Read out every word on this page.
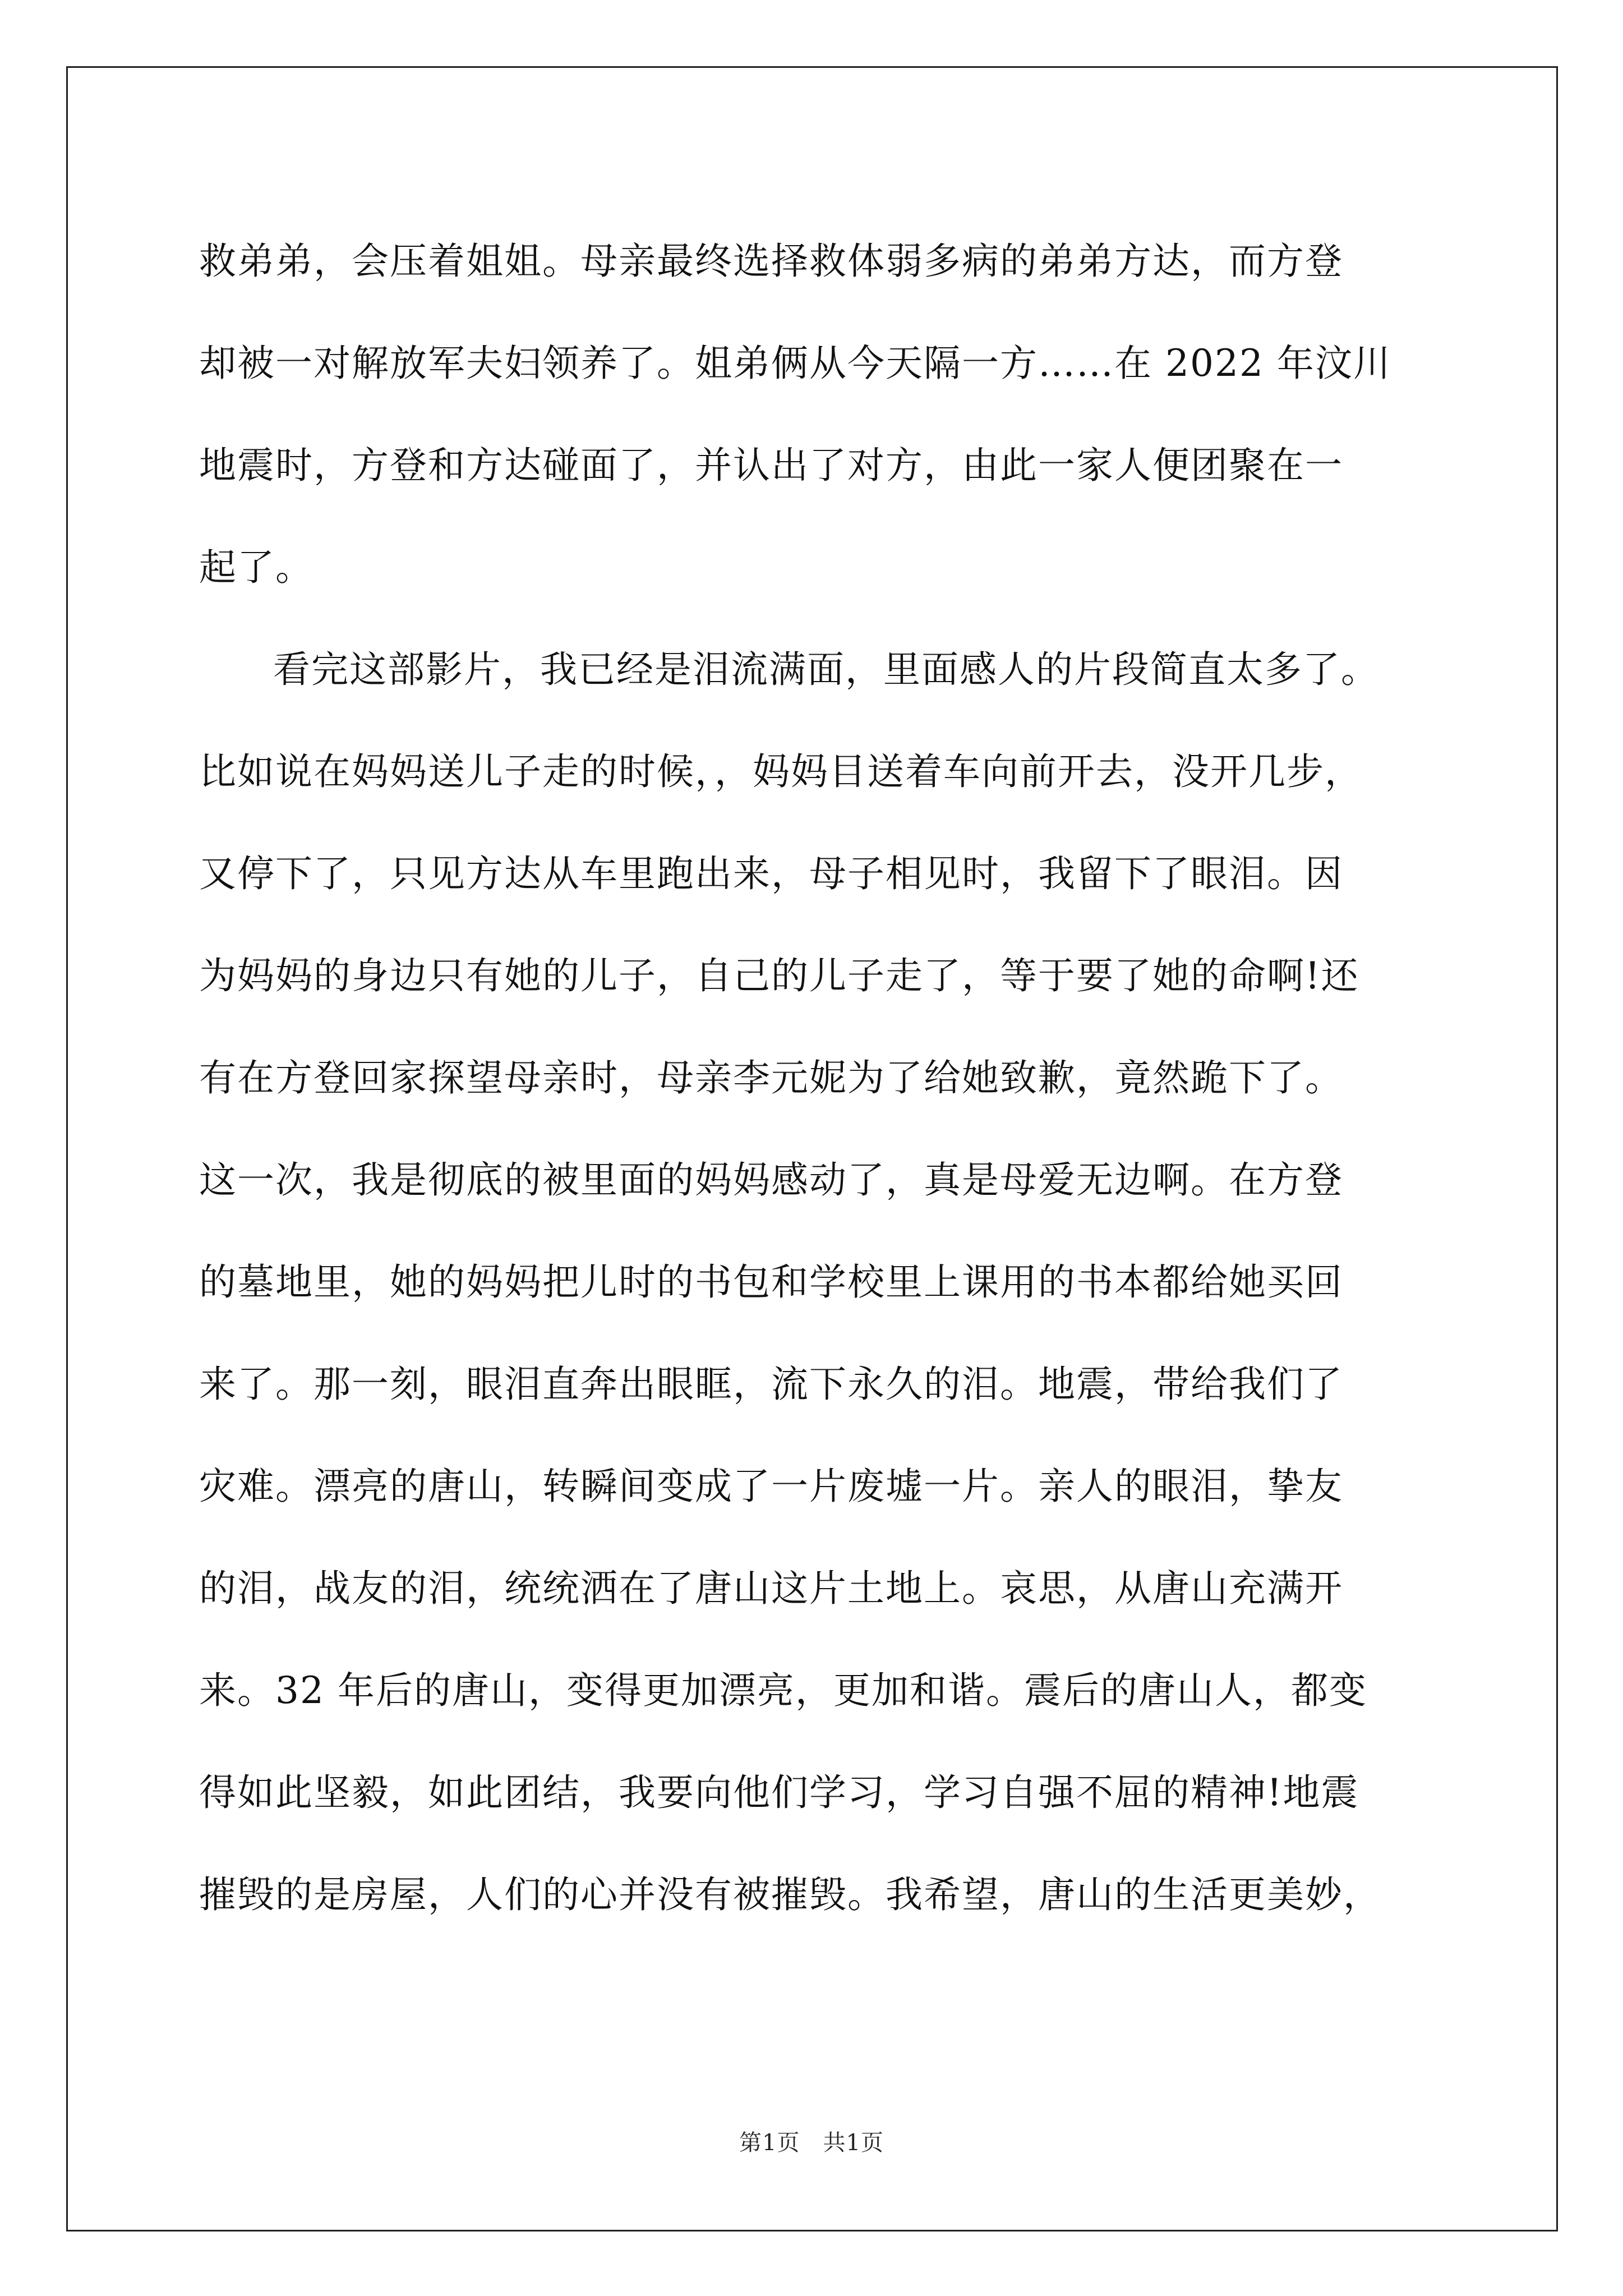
救弟弟，会压着姐姐。母亲最终选择救体弱多病的弟弟方达，而方登
却被一对解放军夫妇领养了。姐弟俩从今天隔一方……在 2022 年汶川
地震时，方登和方达碰面了，并认出了对方，由此一家人便团聚在一
起了。
看完这部影片，我已经是泪流满面，里面感人的片段简直太多了。
比如说在妈妈送儿子走的时候，，妈妈目送着车向前开去，没开几步，
又停下了，只见方达从车里跑出来，母子相见时，我留下了眼泪。因
为妈妈的身边只有她的儿子，自己的儿子走了，等于要了她的命啊!还
有在方登回家探望母亲时，母亲李元妮为了给她致歉，竟然跪下了。
这一次，我是彻底的被里面的妈妈感动了，真是母爱无边啊。在方登
的墓地里，她的妈妈把儿时的书包和学校里上课用的书本都给她买回
来了。那一刻，眼泪直奔出眼眶，流下永久的泪。地震，带给我们了
灾难。漂亮的唐山，转瞬间变成了一片废墟一片。亲人的眼泪，挚友
的泪，战友的泪，统统洒在了唐山这片土地上。哀思，从唐山充满开
来。32 年后的唐山，变得更加漂亮，更加和谐。震后的唐山人，都变
得如此坚毅，如此团结，我要向他们学习，学习自强不屈的精神!地震
摧毁的是房屋，人们的心并没有被摧毁。我希望，唐山的生活更美妙，
第1页　共1页
